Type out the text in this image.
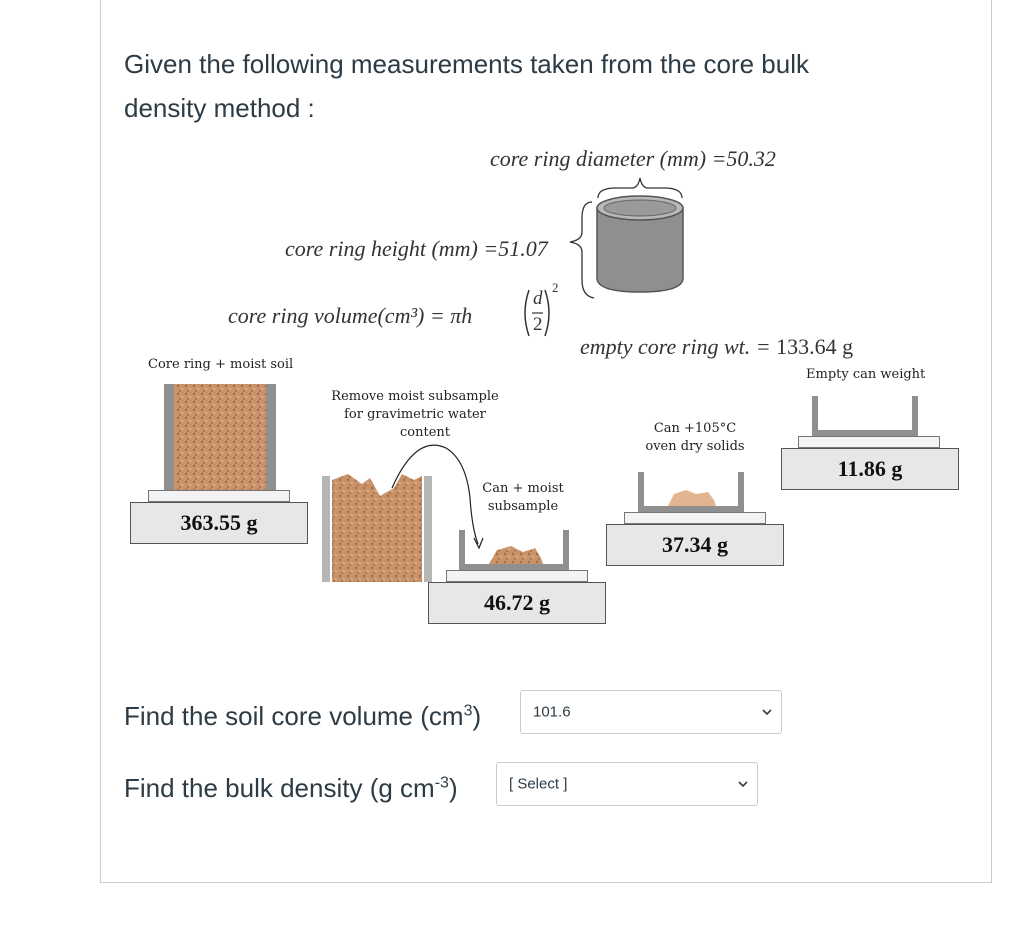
Given the following measurements taken from the core bulk
density method :
core ring diameter (mm) =50.32
core ring height (mm) =51.07
core ring volume(cm³) = πh
d
2
2
empty core ring wt. = 133.64 g
Core ring + moist soil
363.55 g
Remove moist subsample
for gravimetric water
content
Can + moist
subsample
46.72 g
Can +105°C
oven dry solids
37.34 g
Empty can weight
11.86 g
Find the soil core volume $(cm^3)$	101.6
Find the bulk density (g $cm^{-3}$)	[ Select ]
